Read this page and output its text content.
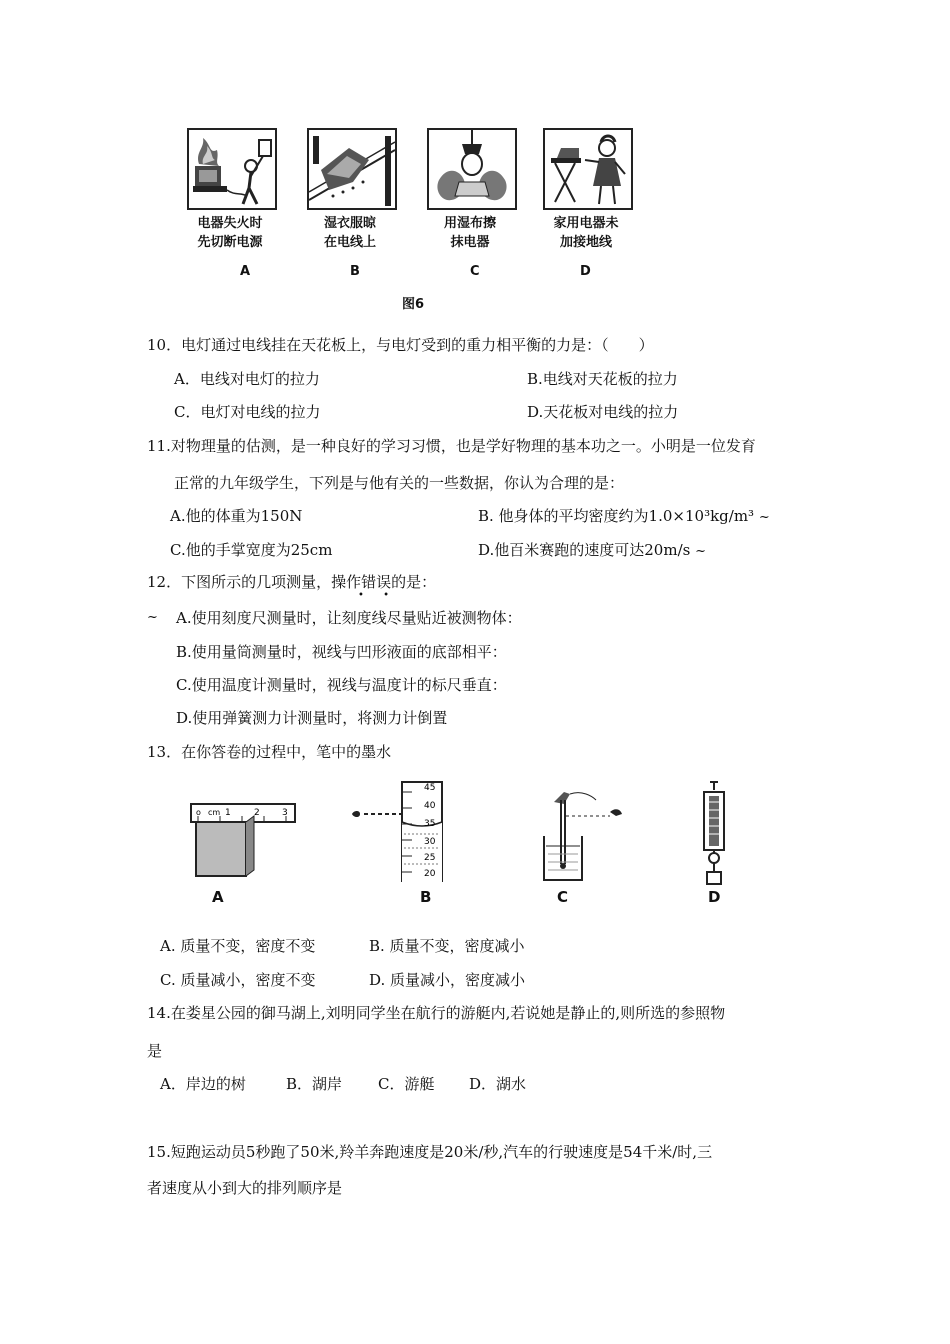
电器失火时
先切断电源
A
湿衣服晾
在电线上
B
用湿布擦
抹电器
C
家用电器未
加接地线
D
图6
10．电灯通过电线挂在天花板上，与电灯受到的重力相平衡的力是：（　　）
A．电线对电灯的拉力	B.电线对天花板的拉力
C．电灯对电线的拉力	D.天花板对电线的拉力
11.对物理量的估测，是一种良好的学习习惯，也是学好物理的基本功之一。小明是一位发育
正常的九年级学生，下列是与他有关的一些数据，你认为合理的是：
A.他的体重为150N	B. 他身体的平均密度约为1.0×10³kg/m³ ~
C.他的手掌宽度为25cm	D.他百米赛跑的速度可达20m/s ~
12．下图所示的几项测量，操作错误的是：
• •
~ A.使用刻度尺测量时，让刻度线尽量贴近被测物体：
B.使用量筒测量时，视线与凹形液面的底部相平：
C.使用温度计测量时，视线与温度计的标尺垂直：
D.使用弹簧测力计测量时，将测力计倒置
13．在你答卷的过程中，笔中的墨水
o cm 1	2 3
A
45
40
35
30
25
20
B	C	D
A. 质量不变，密度不变	B. 质量不变，密度减小
C. 质量减小，密度不变	D. 质量减小，密度减小
14.在娄星公园的御马湖上,刘明同学坐在航行的游艇内,若说她是静止的,则所选的参照物
是
A．岸边的树	B．湖岸 C．游艇 D．湖水
15.短跑运动员5秒跑了50米,羚羊奔跑速度是20米/秒,汽车的行驶速度是54千米/时,三
者速度从小到大的排列顺序是
